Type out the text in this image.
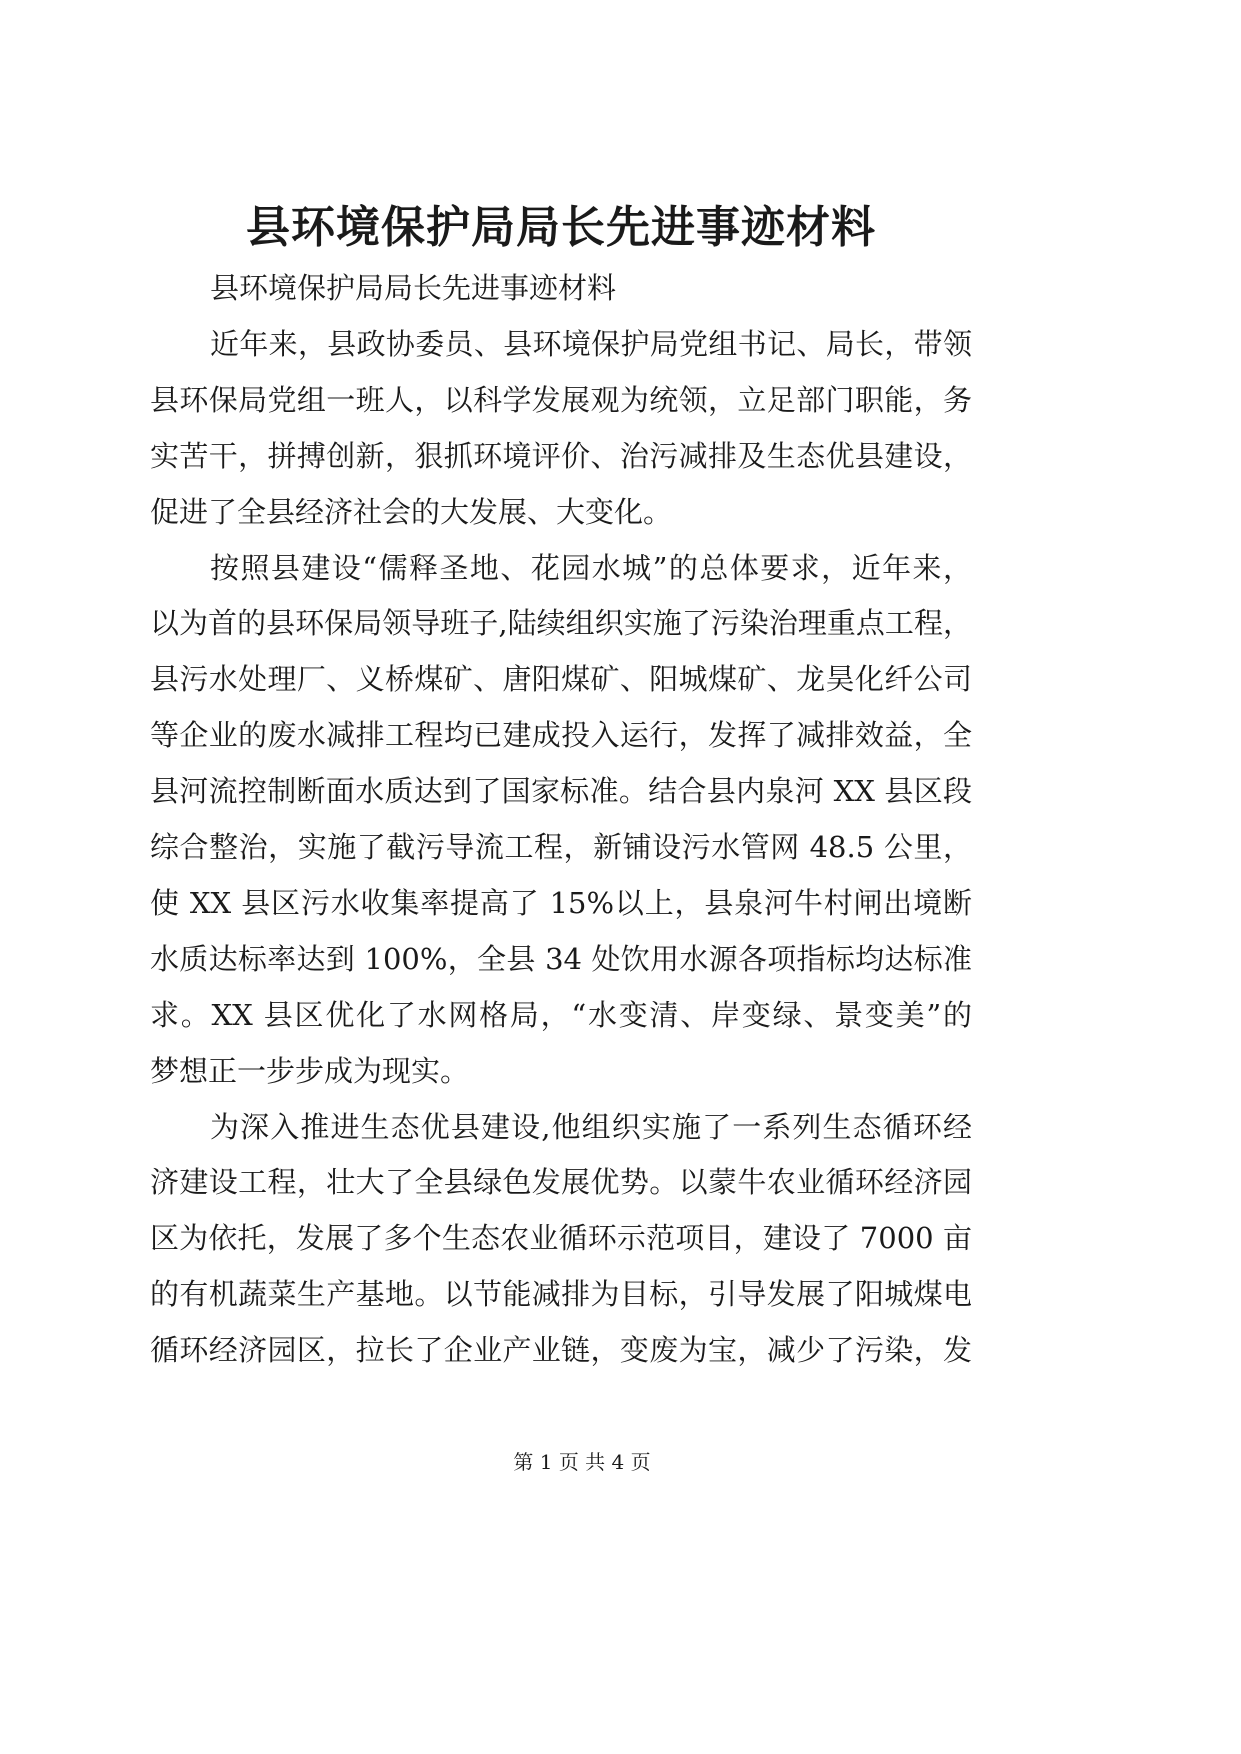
县环境保护局局长先进事迹材料
县环境保护局局长先进事迹材料
近年来，县政协委员、县环境保护局党组书记、局长，带领
县环保局党组一班人，以科学发展观为统领，立足部门职能，务
实苦干，拼搏创新，狠抓环境评价、治污减排及生态优县建设，
促进了全县经济社会的大发展、大变化。
按照县建设“儒释圣地、花园水城”的总体要求，近年来，
以为首的县环保局领导班子,陆续组织实施了污染治理重点工程，
县污水处理厂、义桥煤矿、唐阳煤矿、阳城煤矿、龙昊化纤公司
等企业的废水减排工程均已建成投入运行，发挥了减排效益，全
县河流控制断面水质达到了国家标准。结合县内泉河 XX 县区段
综合整治，实施了截污导流工程，新铺设污水管网 48.5 公里，
使 XX 县区污水收集率提高了 15%以上，县泉河牛村闸出境断
水质达标率达到 100%，全县 34 处饮用水源各项指标均达标准
求。XX 县区优化了水网格局，“水变清、岸变绿、景变美”的
梦想正一步步成为现实。
为深入推进生态优县建设,他组织实施了一系列生态循环经
济建设工程，壮大了全县绿色发展优势。以蒙牛农业循环经济园
区为依托，发展了多个生态农业循环示范项目，建设了 7000 亩
的有机蔬菜生产基地。以节能减排为目标，引导发展了阳城煤电
循环经济园区，拉长了企业产业链，变废为宝，减少了污染，发
第 1 页 共 4 页
